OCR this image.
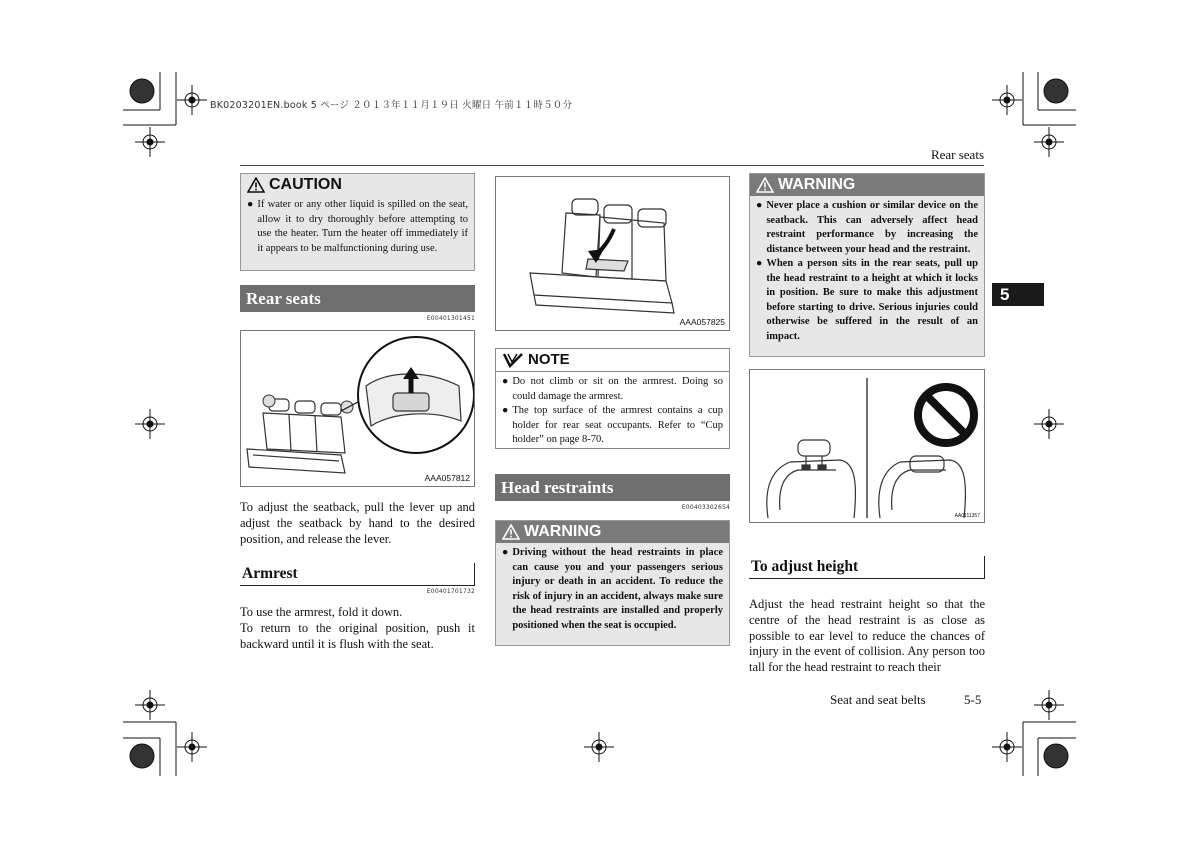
BK0203201EN.book 5 ページ ２０１３年１１月１９日 火曜日 午前１１時５０分
Rear seats
5
CAUTION
● If water or any other liquid is spilled on the seat, allow it to dry thoroughly before attempting to use the heater. Turn the heater off immediately if it appears to be malfunctioning during use.
Rear seats
E00401301451
AAA057812
To adjust the seatback, pull the lever up and adjust the seatback by hand to the desired position, and release the lever.
Armrest
E00401701732
To use the armrest, fold it down.
To return to the original position, push it backward until it is flush with the seat.
AAA057825
NOTE
● Do not climb or sit on the armrest. Doing so could damage the armrest.
● The top surface of the armrest contains a cup holder for rear seat occupants. Refer to “Cup holder” on page 8-70.
Head restraints
E00403302654
WARNING
● Driving without the head restraints in place can cause you and your passengers serious injury or death in an accident. To reduce the risk of injury in an accident, always make sure the head restraints are installed and properly positioned when the seat is occupied.
WARNING
● Never place a cushion or similar device on the seatback. This can adversely affect head restraint performance by increasing the distance between your head and the restraint.
● When a person sits in the rear seats, pull up the head restraint to a height at which it locks in position. Be sure to make this adjustment before starting to drive. Serious injuries could otherwise be suffered in the result of an impact.
AA0111357
To adjust height
Adjust the head restraint height so that the centre of the head restraint is as close as possible to ear level to reduce the chances of injury in the event of collision. Any person too tall for the head restraint to reach their
Seat and seat belts	5-5
